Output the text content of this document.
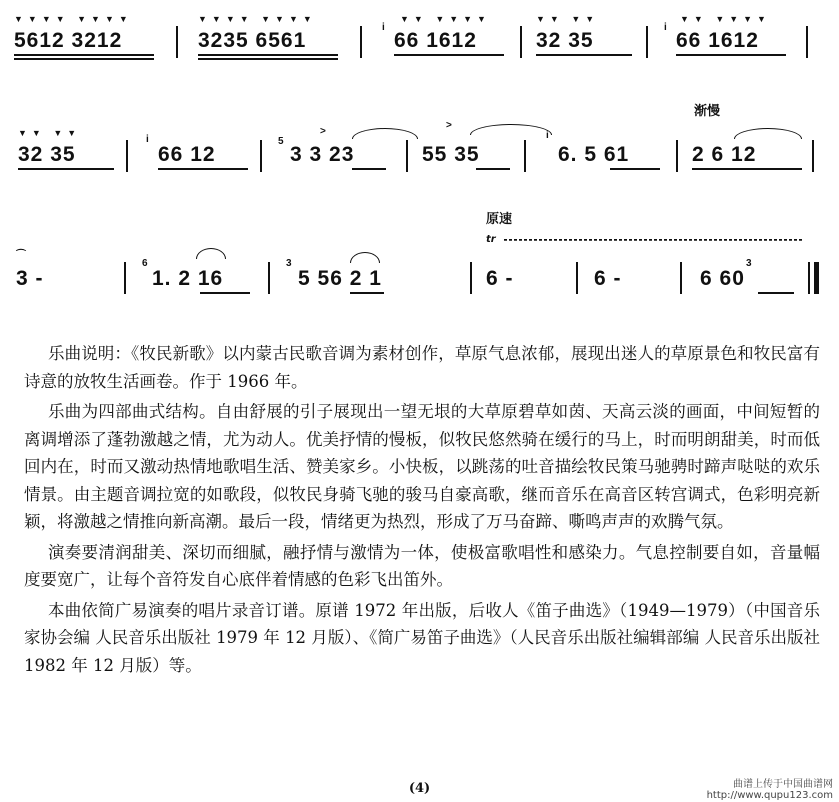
▼▼▼▼ ▼▼▼▼
5612 3212
▼▼▼▼ ▼▼▼▼
3235 6561
i
▼▼ ▼▼▼▼
66 1612
▼▼ ▼▼
32 35
i
▼▼ ▼▼▼▼
66 1612
渐慢
▼▼ ▼▼
32 35
i
66 12
5
>
3 3 23
>
55 35
i
6. 5 61	2 6 12
原速
tr
⌒
3 -
6
1. 2 16
3
5 56 2 1	6 -	6 -
3
6 60

乐曲说明：《牧民新歌》以内蒙古民歌音调为素材创作，草原气息浓郁，展现出迷人的草原景色和牧民富有诗意的放牧生活画卷。作于 1966 年。

乐曲为四部曲式结构。自由舒展的引子展现出一望无垠的大草原碧草如茵、天高云淡的画面，中间短暂的离调增添了蓬勃激越之情，尤为动人。优美抒情的慢板，似牧民悠然骑在缓行的马上，时而明朗甜美，时而低回内在，时而又激动热情地歌唱生活、赞美家乡。小快板，以跳荡的吐音描绘牧民策马驰骋时蹄声哒哒的欢乐情景。由主题音调拉宽的如歌段，似牧民身骑飞驰的骏马自豪高歌，继而音乐在高音区转宫调式，色彩明亮新颖，将激越之情推向新高潮。最后一段，情绪更为热烈，形成了万马奋蹄、嘶鸣声声的欢腾气氛。

演奏要清润甜美、深切而细腻，融抒情与激情为一体，使极富歌唱性和感染力。气息控制要自如，音量幅度要宽广，让每个音符发自心底伴着情感的色彩飞出笛外。

本曲依简广易演奏的唱片录音订谱。原谱 1972 年出版，后收人《笛子曲选》（1949—1979）（中国音乐家协会编 人民音乐出版社 1979 年 12 月版）、《简广易笛子曲选》（人民音乐出版社编辑部编 人民音乐出版社 1982 年 12 月版）等。

(4)	曲谱上传于中国曲谱网
http://www.qupu123.com
